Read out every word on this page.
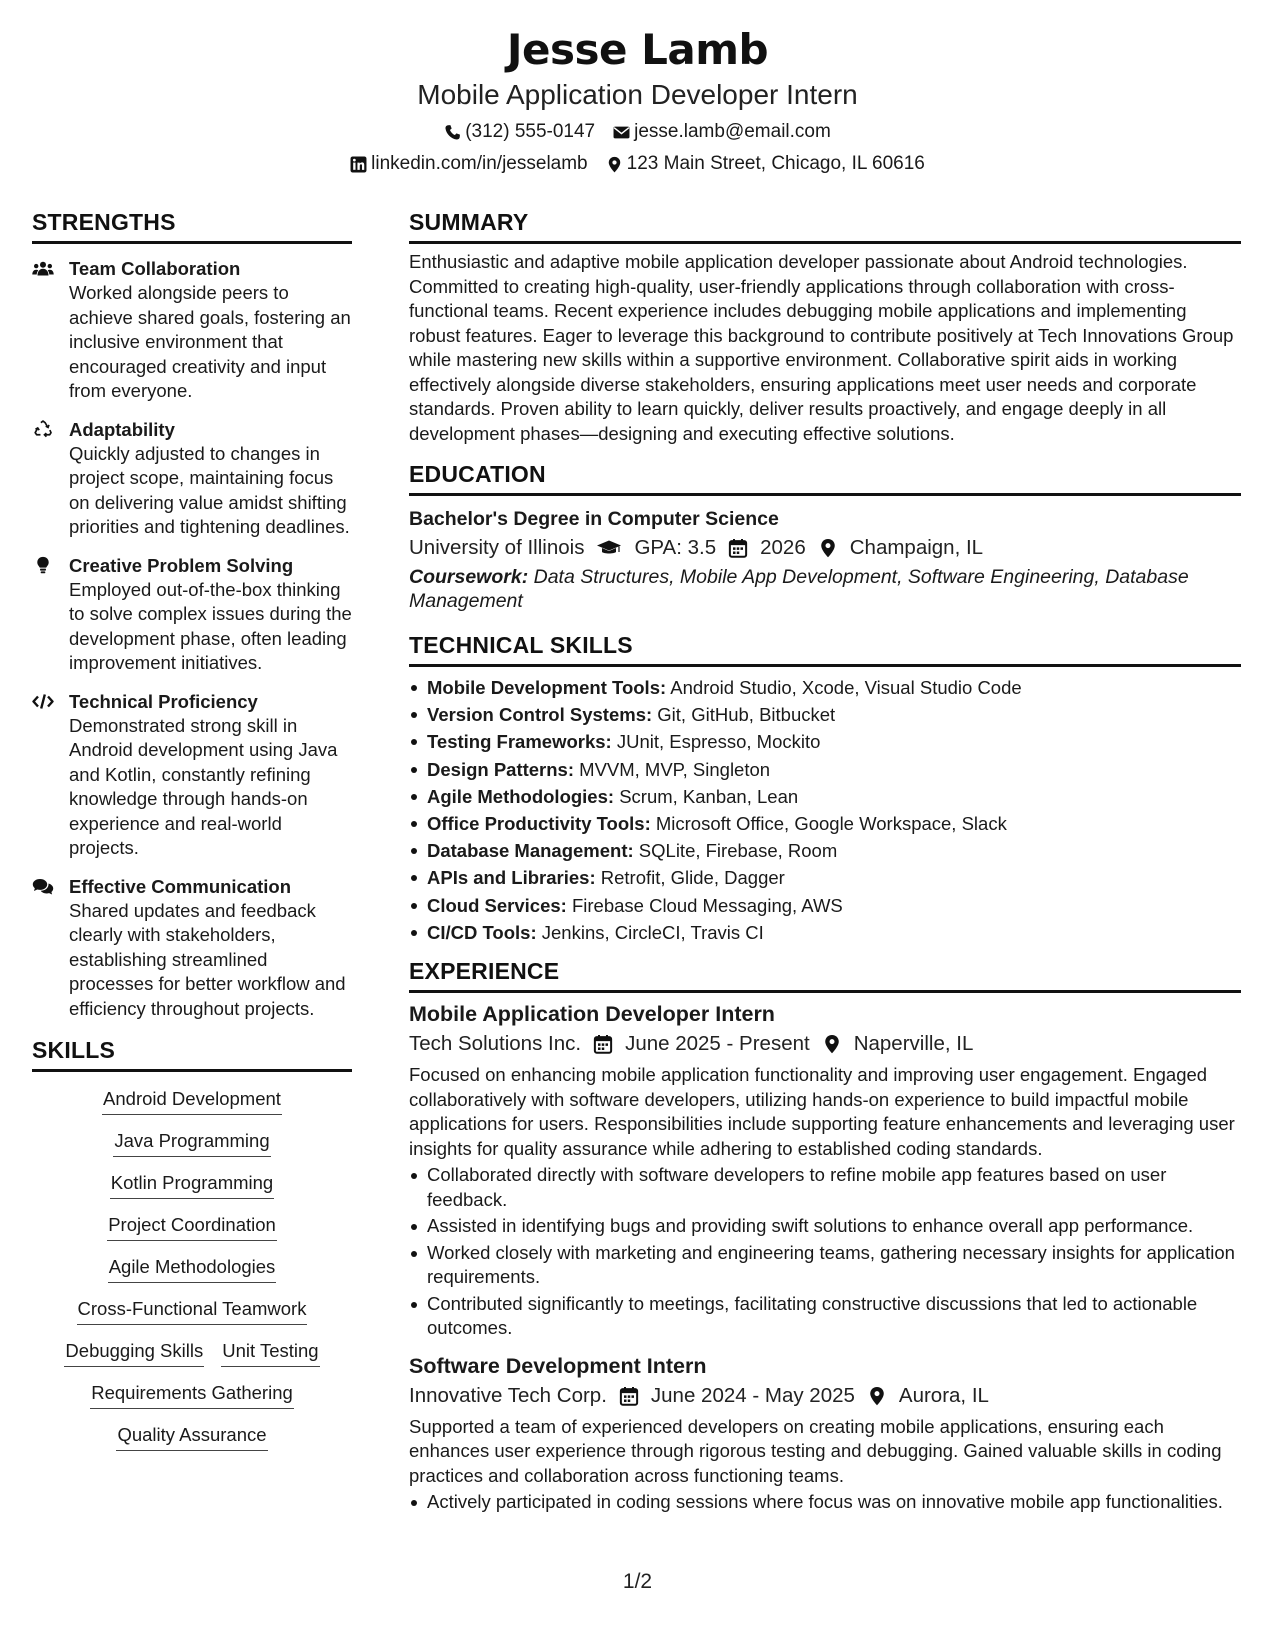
Jesse Lamb
Mobile Application Developer Intern
(312) 555-0147 jesse.lamb@email.com
linkedin.com/in/jesselamb 123 Main Street, Chicago, IL 60616
STRENGTHS
Team Collaboration
Worked alongside peers to achieve shared goals, fostering an inclusive environment that encouraged creativity and input from everyone.
Adaptability
Quickly adjusted to changes in project scope, maintaining focus on delivering value amidst shifting priorities and tightening deadlines.
Creative Problem Solving
Employed out-of-the-box thinking to solve complex issues during the development phase, often leading improvement initiatives.
Technical Proficiency
Demonstrated strong skill in Android development using Java and Kotlin, constantly refining knowledge through hands-on experience and real-world projects.
Effective Communication
Shared updates and feedback clearly with stakeholders, establishing streamlined processes for better workflow and efficiency throughout projects.
SKILLS
Android Development
Java Programming
Kotlin Programming
Project Coordination
Agile Methodologies
Cross-Functional Teamwork
Debugging Skills Unit Testing
Requirements Gathering
Quality Assurance
SUMMARY
Enthusiastic and adaptive mobile application developer passionate about Android technologies. Committed to creating high-quality, user-friendly applications through collaboration with cross-functional teams. Recent experience includes debugging mobile applications and implementing robust features. Eager to leverage this background to contribute positively at Tech Innovations Group while mastering new skills within a supportive environment. Collaborative spirit aids in working effectively alongside diverse stakeholders, ensuring applications meet user needs and corporate standards. Proven ability to learn quickly, deliver results proactively, and engage deeply in all development phases—designing and executing effective solutions.
EDUCATION
Bachelor's Degree in Computer Science
University of Illinois GPA: 3.5 2026 Champaign, IL
Coursework: Data Structures, Mobile App Development, Software Engineering, Database Management
TECHNICAL SKILLS
Mobile Development Tools: Android Studio, Xcode, Visual Studio Code
Version Control Systems: Git, GitHub, Bitbucket
Testing Frameworks: JUnit, Espresso, Mockito
Design Patterns: MVVM, MVP, Singleton
Agile Methodologies: Scrum, Kanban, Lean
Office Productivity Tools: Microsoft Office, Google Workspace, Slack
Database Management: SQLite, Firebase, Room
APIs and Libraries: Retrofit, Glide, Dagger
Cloud Services: Firebase Cloud Messaging, AWS
CI/CD Tools: Jenkins, CircleCI, Travis CI
EXPERIENCE
Mobile Application Developer Intern
Tech Solutions Inc. June 2025 - Present Naperville, IL
Focused on enhancing mobile application functionality and improving user engagement. Engaged collaboratively with software developers, utilizing hands-on experience to build impactful mobile applications for users. Responsibilities include supporting feature enhancements and leveraging user insights for quality assurance while adhering to established coding standards.
Collaborated directly with software developers to refine mobile app features based on user feedback.
Assisted in identifying bugs and providing swift solutions to enhance overall app performance.
Worked closely with marketing and engineering teams, gathering necessary insights for application requirements.
Contributed significantly to meetings, facilitating constructive discussions that led to actionable outcomes.
Software Development Intern
Innovative Tech Corp. June 2024 - May 2025 Aurora, IL
Supported a team of experienced developers on creating mobile applications, ensuring each enhances user experience through rigorous testing and debugging. Gained valuable skills in coding practices and collaboration across functioning teams.
Actively participated in coding sessions where focus was on innovative mobile app functionalities.
1/2
